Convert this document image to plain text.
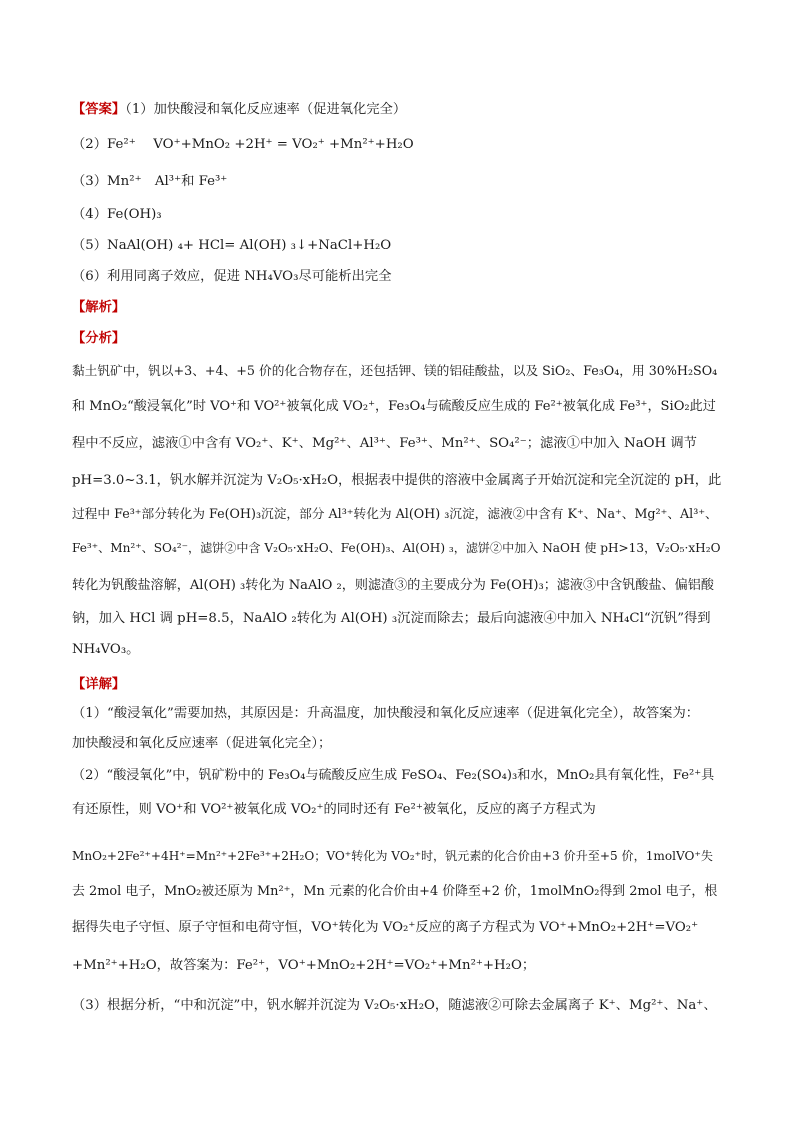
【答案】（1）加快酸浸和氧化反应速率（促进氧化完全）
（2）Fe²⁺　 VO⁺+MnO₂ +2H⁺ = VO₂⁺ +Mn²⁺+H₂O
（3）Mn²⁺　Al³⁺和 Fe³⁺
（4）Fe(OH)₃
（5）NaAl(OH) ₄+ HCl= Al(OH) ₃↓+NaCl+H₂O
（6）利用同离子效应，促进 NH₄VO₃尽可能析出完全
【解析】
【分析】
黏土钒矿中，钒以+3、+4、+5 价的化合物存在，还包括钾、镁的铝硅酸盐，以及 SiO₂、Fe₃O₄，用 30%H₂SO₄
和 MnO₂“酸浸氧化”时 VO⁺和 VO²⁺被氧化成 VO₂⁺，Fe₃O₄与硫酸反应生成的 Fe²⁺被氧化成 Fe³⁺，SiO₂此过
程中不反应，滤液①中含有 VO₂⁺、K⁺、Mg²⁺、Al³⁺、Fe³⁺、Mn²⁺、SO₄²⁻；滤液①中加入 NaOH 调节
pH=3.0~3.1，钒水解并沉淀为 V₂O₅·xH₂O，根据表中提供的溶液中金属离子开始沉淀和完全沉淀的 pH，此
过程中 Fe³⁺部分转化为 Fe(OH)₃沉淀，部分 Al³⁺转化为 Al(OH) ₃沉淀，滤液②中含有 K⁺、Na⁺、Mg²⁺、Al³⁺、
Fe³⁺、Mn²⁺、SO₄²⁻，滤饼②中含 V₂O₅·xH₂O、Fe(OH)₃、Al(OH) ₃，滤饼②中加入 NaOH 使 pH>13，V₂O₅·xH₂O
转化为钒酸盐溶解，Al(OH) ₃转化为 NaAlO ₂，则滤渣③的主要成分为 Fe(OH)₃；滤液③中含钒酸盐、偏铝酸
钠，加入 HCl 调 pH=8.5，NaAlO ₂转化为 Al(OH) ₃沉淀而除去；最后向滤液④中加入 NH₄Cl“沉钒”得到
NH₄VO₃。
【详解】
（1）“酸浸氧化”需要加热，其原因是：升高温度，加快酸浸和氧化反应速率（促进氧化完全），故答案为：
加快酸浸和氧化反应速率（促进氧化完全）；
（2）“酸浸氧化”中，钒矿粉中的 Fe₃O₄与硫酸反应生成 FeSO₄、Fe₂(SO₄)₃和水，MnO₂具有氧化性，Fe²⁺具
有还原性，则 VO⁺和 VO²⁺被氧化成 VO₂⁺的同时还有 Fe²⁺被氧化，反应的离子方程式为
MnO₂+2Fe²⁺+4H⁺=Mn²⁺+2Fe³⁺+2H₂O；VO⁺转化为 VO₂⁺时，钒元素的化合价由+3 价升至+5 价，1molVO⁺失
去 2mol 电子，MnO₂被还原为 Mn²⁺，Mn 元素的化合价由+4 价降至+2 价，1molMnO₂得到 2mol 电子，根
据得失电子守恒、原子守恒和电荷守恒，VO⁺转化为 VO₂⁺反应的离子方程式为 VO⁺+MnO₂+2H⁺=VO₂⁺
+Mn²⁺+H₂O，故答案为：Fe²⁺，VO⁺+MnO₂+2H⁺=VO₂⁺+Mn²⁺+H₂O；
（3）根据分析，“中和沉淀”中，钒水解并沉淀为 V₂O₅·xH₂O，随滤液②可除去金属离子 K⁺、Mg²⁺、Na⁺、
